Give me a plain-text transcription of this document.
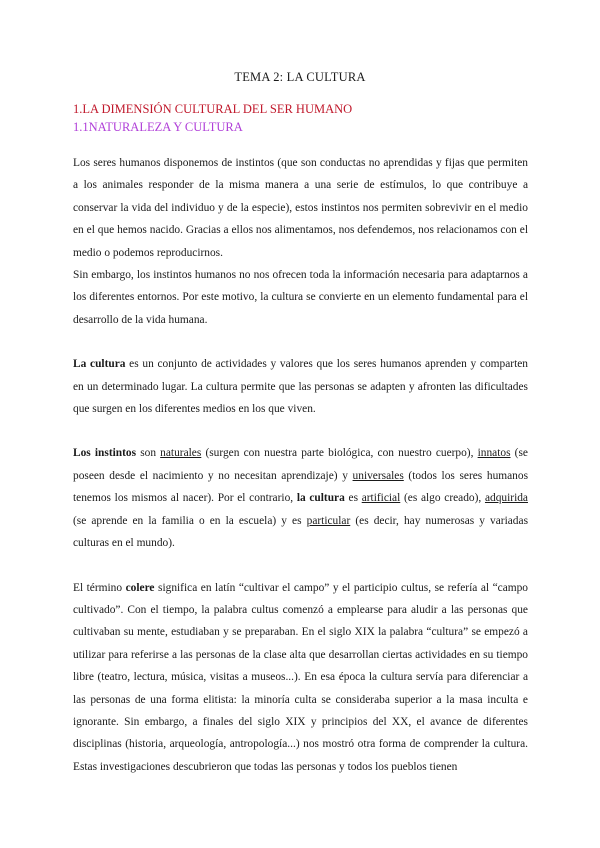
TEMA 2: LA CULTURA
1.LA DIMENSIÓN CULTURAL DEL SER HUMANO
1.1NATURALEZA Y CULTURA

Los seres humanos disponemos de instintos (que son conductas no aprendidas y fijas que permiten a los animales responder de la misma manera a una serie de estímulos, lo que contribuye a conservar la vida del individuo y de la especie), estos instintos nos permiten sobrevivir en el medio en el que hemos nacido. Gracias a ellos nos alimentamos, nos defendemos, nos relacionamos con el medio o podemos reproducirnos.

Sin embargo, los instintos humanos no nos ofrecen toda la información necesaria para adaptarnos a los diferentes entornos. Por este motivo, la cultura se convierte en un elemento fundamental para el desarrollo de la vida humana.

La cultura es un conjunto de actividades y valores que los seres humanos aprenden y comparten en un determinado lugar. La cultura permite que las personas se adapten y afronten las dificultades que surgen en los diferentes medios en los que viven.

Los instintos son naturales (surgen con nuestra parte biológica, con nuestro cuerpo), innatos (se poseen desde el nacimiento y no necesitan aprendizaje) y universales (todos los seres humanos tenemos los mismos al nacer). Por el contrario, la cultura es artificial (es algo creado), adquirida (se aprende en la familia o en la escuela) y es particular (es decir, hay numerosas y variadas culturas en el mundo).

El término colere significa en latín “cultivar el campo” y el participio cultus, se refería al “campo cultivado”. Con el tiempo, la palabra cultus comenzó a emplearse para aludir a las personas que cultivaban su mente, estudiaban y se preparaban. En el siglo XIX la palabra “cultura” se empezó a utilizar para referirse a las personas de la clase alta que desarrollan ciertas actividades en su tiempo libre (teatro, lectura, música, visitas a museos...). En esa época la cultura servía para diferenciar a las personas de una forma elitista: la minoría culta se consideraba superior a la masa inculta e ignorante. Sin embargo, a finales del siglo XIX y principios del XX, el avance de diferentes disciplinas (historia, arqueología, antropología...) nos mostró otra forma de comprender la cultura. Estas investigaciones descubrieron que todas las personas y todos los pueblos tienen
